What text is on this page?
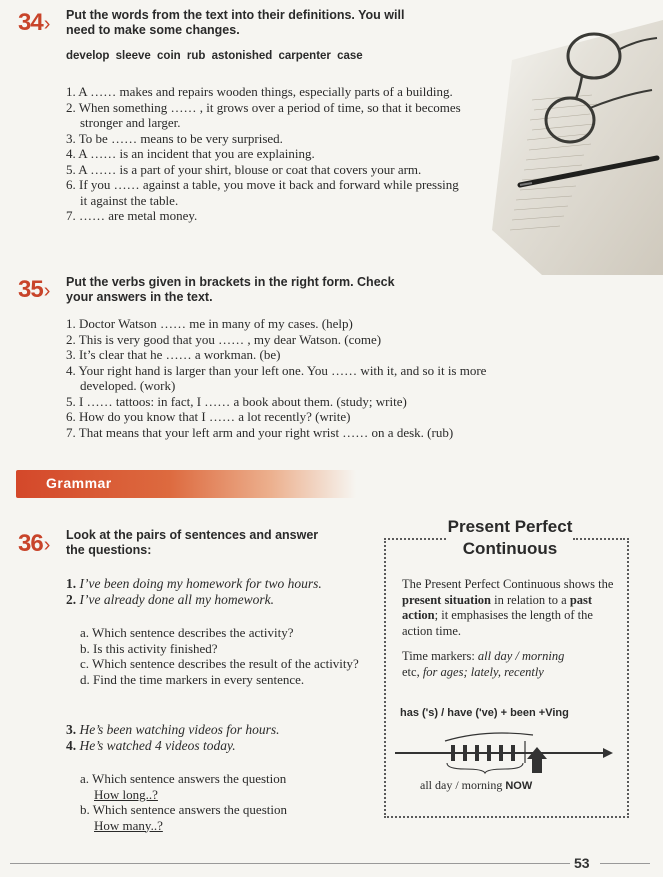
34› Put the words from the text into their definitions. You will
need to make some changes.
develop sleeve coin rub astonished carpenter case
1. A …… makes and repairs wooden things, especially parts of a building.
2. When something …… , it grows over a period of time, so that it becomes stronger and larger.
3. To be …… means to be very surprised.
4. A …… is an incident that you are explaining.
5. A …… is a part of your shirt, blouse or coat that covers your arm.
6. If you …… against a table, you move it back and forward while pressing it against the table.
7. …… are metal money.
35› Put the verbs given in brackets in the right form. Check
your answers in the text.
1. Doctor Watson …… me in many of my cases. (help)
2. This is very good that you …… , my dear Watson. (come)
3. It’s clear that he …… a workman. (be)
4. Your right hand is larger than your left one. You …… with it, and so it is more developed. (work)
5. I …… tattoos: in fact, I …… a book about them. (study; write)
6. How do you know that I …… a lot recently? (write)
7. That means that your left arm and your right wrist …… on a desk. (rub)
Grammar
36› Look at the pairs of sentences and answer
the questions:
1. I’ve been doing my homework for two hours.
2. I’ve already done all my homework.
a. Which sentence describes the activity?
b. Is this activity finished?
c. Which sentence describes the result of the activity?
d. Find the time markers in every sentence.
3. He’s been watching videos for hours.
4. He’s watched 4 videos today.
a. Which sentence answers the question
How long..?
b. Which sentence answers the question
How many..?
Present Perfect
Continuous
The Present Perfect Continuous shows the present situation in relation to a past action; it emphasises the length of the action time.
Time markers: all day / morning etc, for ages; lately, recently
has ('s) / have ('ve) + been +Ving
all day / morning NOW
53
